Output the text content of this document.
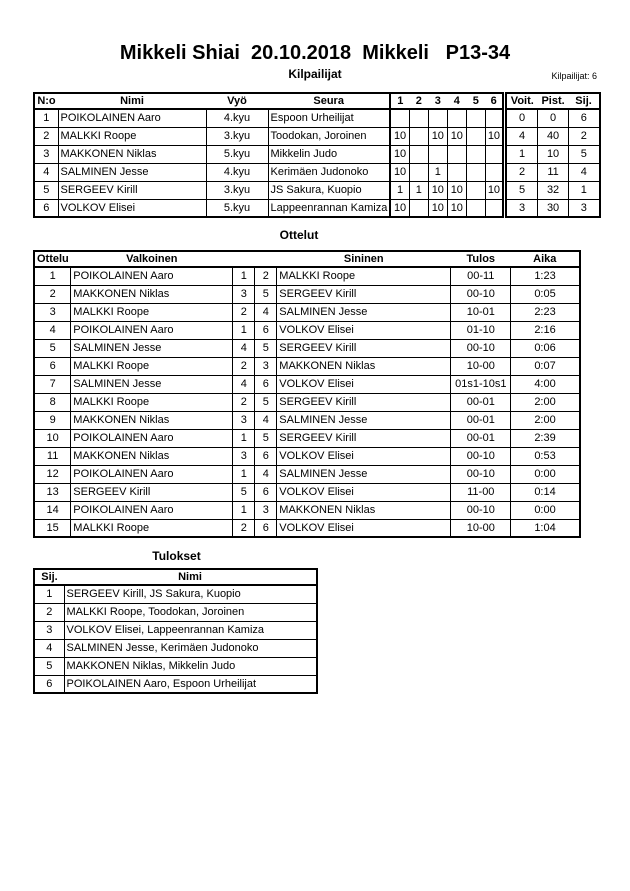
Mikkeli Shiai  20.10.2018  Mikkeli   P13-34
Kilpailijat	Kilpailijat: 6
N:o	Nimi	Vyö	Seura	1	2	3	4	5	6	Voit.	Pist.	Sij.
1	POIKOLAINEN Aaro	4.kyu	Espoon Urheilijat							0	0	6
2	MALKKI Roope	3.kyu	Toodokan, Joroinen	10		10	10		10	4	40	2
3	MAKKONEN Niklas	5.kyu	Mikkelin Judo	10						1	10	5
4	SALMINEN Jesse	4.kyu	Kerimäen Judonoko	10		1				2	11	4
5	SERGEEV Kirill	3.kyu	JS Sakura, Kuopio	1	1	10	10		10	5	32	1
6	VOLKOV Elisei	5.kyu	Lappeenrannan Kamiza	10		10	10			3	30	3
Ottelut
Ottelu	Valkoinen			Sininen	Tulos	Aika
1	POIKOLAINEN Aaro	1	2	MALKKI Roope	00-11	1:23
2	MAKKONEN Niklas	3	5	SERGEEV Kirill	00-10	0:05
3	MALKKI Roope	2	4	SALMINEN Jesse	10-01	2:23
4	POIKOLAINEN Aaro	1	6	VOLKOV Elisei	01-10	2:16
5	SALMINEN Jesse	4	5	SERGEEV Kirill	00-10	0:06
6	MALKKI Roope	2	3	MAKKONEN Niklas	10-00	0:07
7	SALMINEN Jesse	4	6	VOLKOV Elisei	01s1-10s1	4:00
8	MALKKI Roope	2	5	SERGEEV Kirill	00-01	2:00
9	MAKKONEN Niklas	3	4	SALMINEN Jesse	00-01	2:00
10	POIKOLAINEN Aaro	1	5	SERGEEV Kirill	00-01	2:39
11	MAKKONEN Niklas	3	6	VOLKOV Elisei	00-10	0:53
12	POIKOLAINEN Aaro	1	4	SALMINEN Jesse	00-10	0:00
13	SERGEEV Kirill	5	6	VOLKOV Elisei	11-00	0:14
14	POIKOLAINEN Aaro	1	3	MAKKONEN Niklas	00-10	0:00
15	MALKKI Roope	2	6	VOLKOV Elisei	10-00	1:04
Tulokset
Sij.	Nimi
1	SERGEEV Kirill, JS Sakura, Kuopio
2	MALKKI Roope, Toodokan, Joroinen
3	VOLKOV Elisei, Lappeenrannan Kamiza
4	SALMINEN Jesse, Kerimäen Judonoko
5	MAKKONEN Niklas, Mikkelin Judo
6	POIKOLAINEN Aaro, Espoon Urheilijat
